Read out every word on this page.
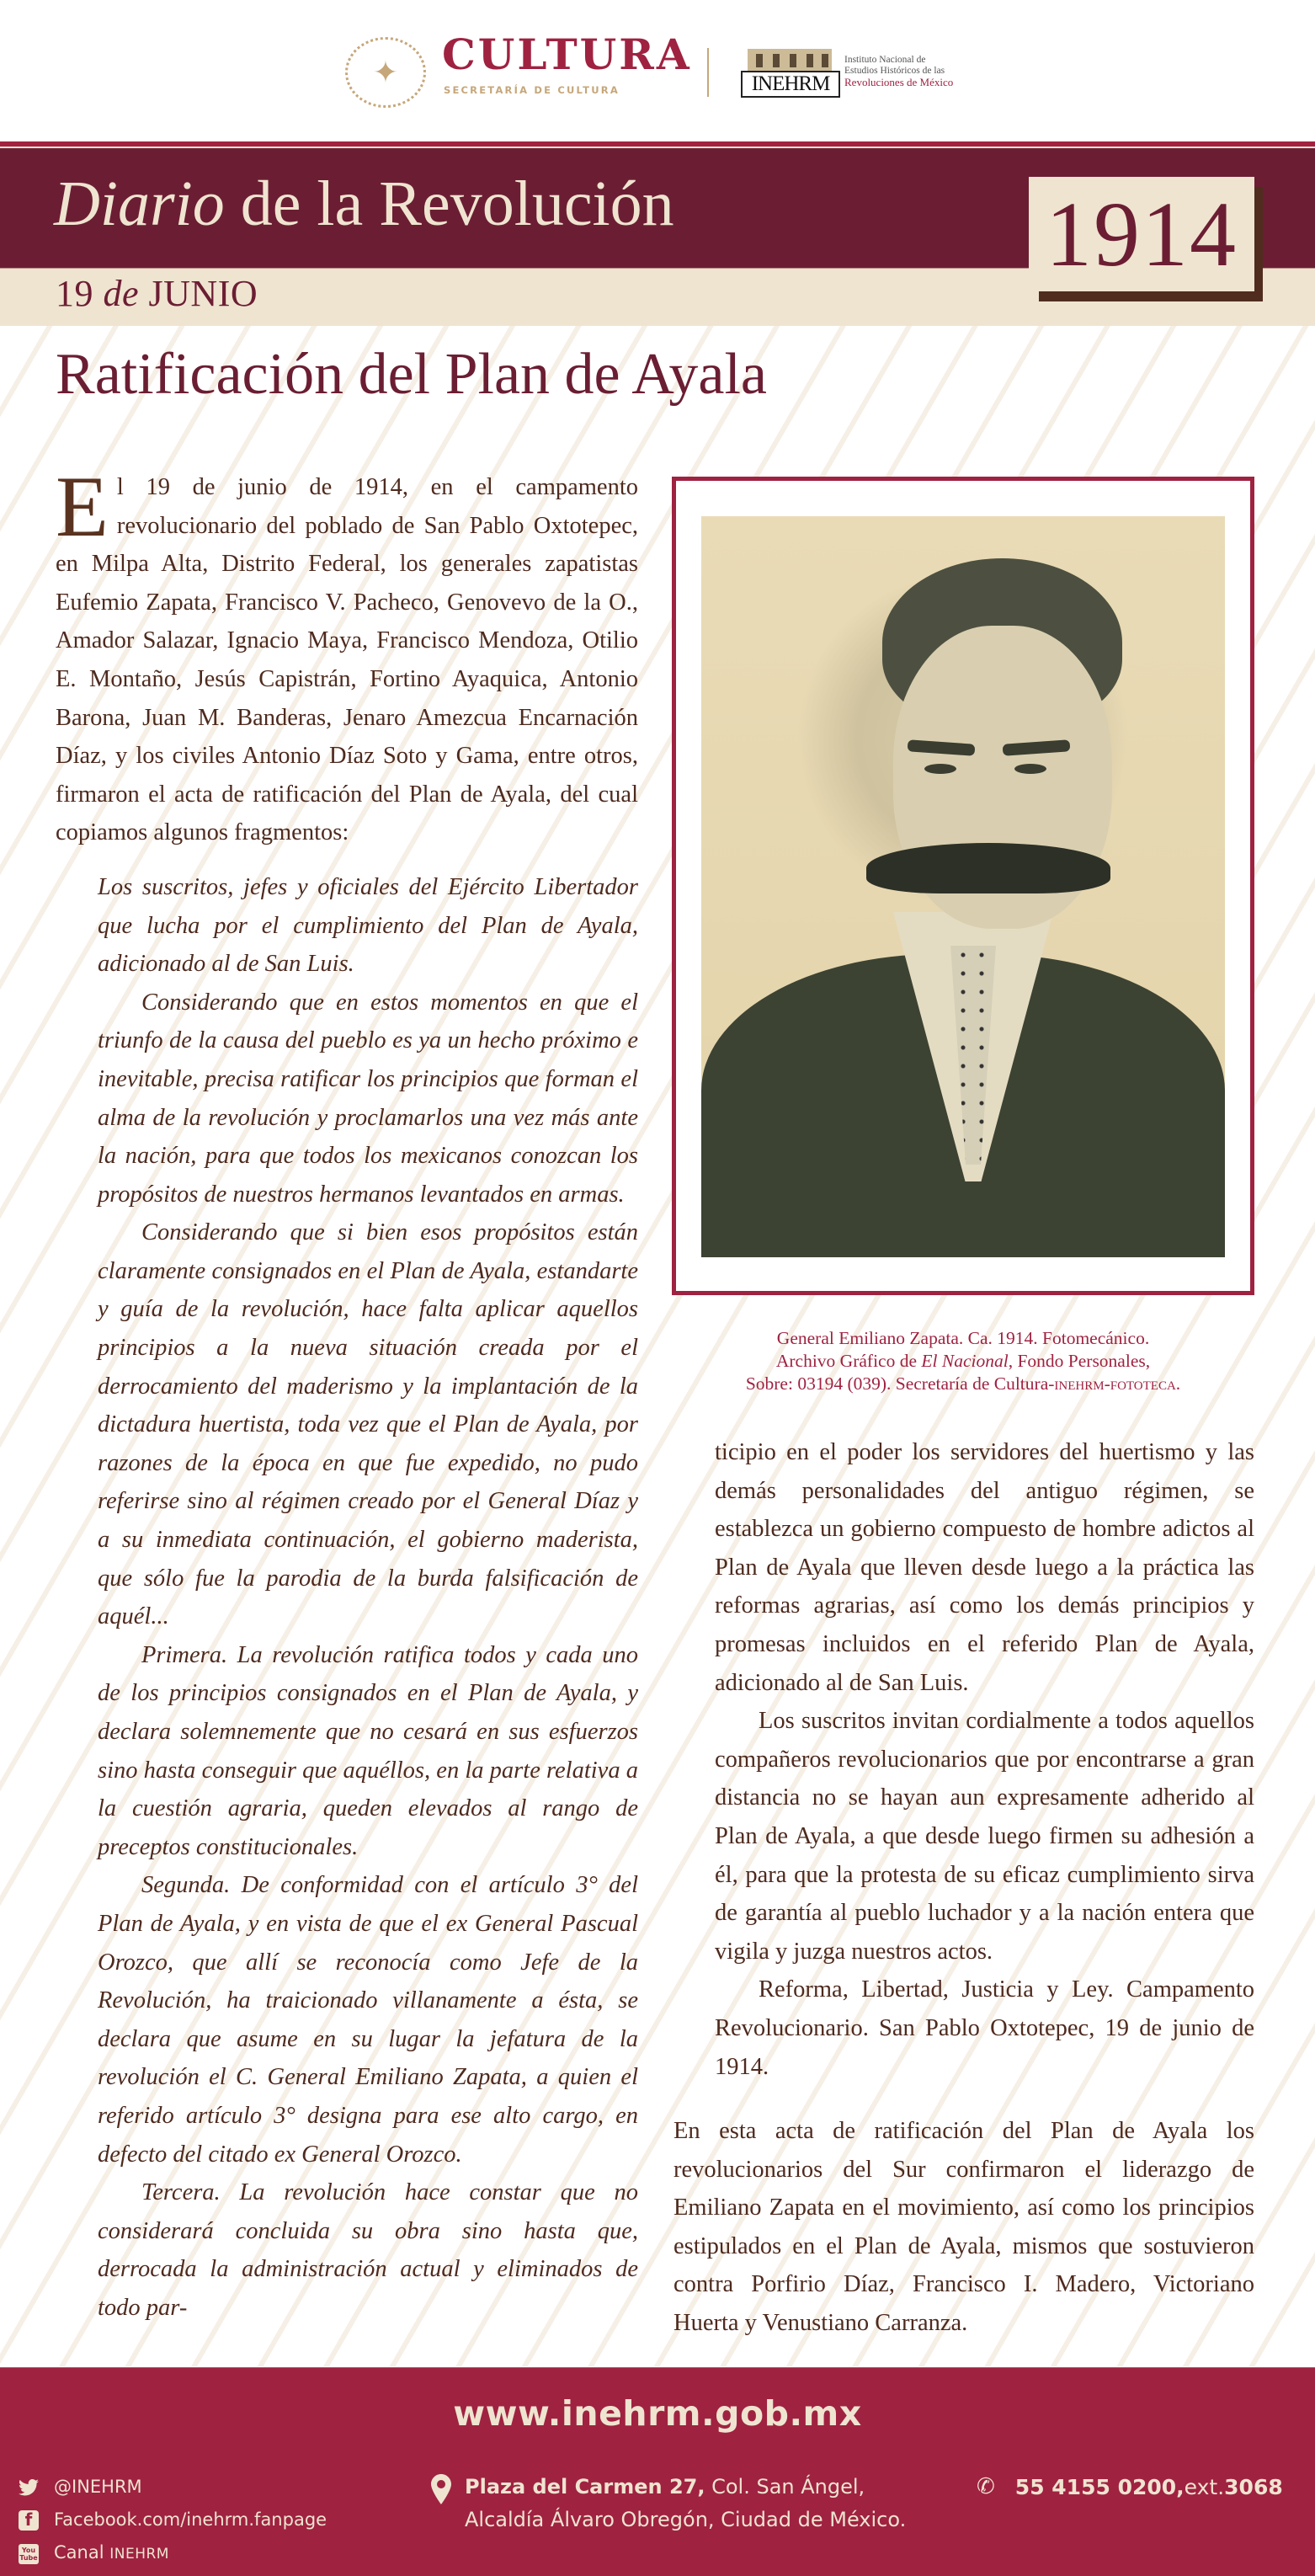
✦	CULTURA
SECRETARÍA DE CULTURA	INEHRM
Instituto Nacional de
Estudios Históricos de las
Revoluciones de México
Diario de la Revolución
19 de JUNIO
1914
Ratificación del Plan de Ayala

El 19 de junio de 1914, en el campamento revolucionario del poblado de San Pablo Oxtotepec, en Milpa Alta, Distrito Federal, los generales zapatistas Eufemio Zapata, Francisco V. Pacheco, Genovevo de la O., Amador Salazar, Ignacio Maya, Francisco Mendoza, Otilio E. Montaño, Jesús Capistrán, Fortino Ayaquica, Antonio Barona, Juan M. Banderas, Jenaro Amezcua Encarnación Díaz, y los civiles Antonio Díaz Soto y Gama, entre otros, firmaron el acta de ratificación del Plan de Ayala, del cual copiamos algunos fragmentos:

Los suscritos, jefes y oficiales del Ejército Libertador que lucha por el cumplimiento del Plan de Ayala, adicionado al de San Luis.

Considerando que en estos momentos en que el triunfo de la causa del pueblo es ya un hecho próximo e inevitable, precisa ratificar los principios que forman el alma de la revolución y proclamarlos una vez más ante la nación, para que todos los mexicanos conozcan los propósitos de nuestros hermanos levantados en armas.

Considerando que si bien esos propósitos están claramente consignados en el Plan de Ayala, estandarte y guía de la revolución, hace falta aplicar aquellos principios a la nueva situación creada por el derrocamiento del maderismo y la implantación de la dictadura huertista, toda vez que el Plan de Ayala, por razones de la época en que fue expedido, no pudo referirse sino al régimen creado por el General Díaz y a su inmediata continuación, el gobierno maderista, que sólo fue la parodia de la burda falsificación de aquél...

Primera. La revolución ratifica todos y cada uno de los principios consignados en el Plan de Ayala, y declara solemnemente que no cesará en sus esfuerzos sino hasta conseguir que aquéllos, en la parte relativa a la cuestión agraria, queden elevados al rango de preceptos constitucionales.

Segunda. De conformidad con el artículo 3° del Plan de Ayala, y en vista de que el ex General Pascual Orozco, que allí se reconocía como Jefe de la Revolución, ha traicionado villanamente a ésta, se declara que asume en su lugar la jefatura de la revolución el C. General Emiliano Zapata, a quien el referido artículo 3° designa para ese alto cargo, en defecto del citado ex General Orozco.

Tercera. La revolución hace constar que no considerará concluida su obra sino hasta que, derrocada la administración actual y eliminados de todo par-

General Emiliano Zapata. Ca. 1914. Fotomecánico.
Archivo Gráfico de El Nacional, Fondo Personales,
Sobre: 03194 (039). Secretaría de Cultura-inehrm-fototeca.

ticipio en el poder los servidores del huertismo y las demás personalidades del antiguo régimen, se establezca un gobierno compuesto de hombre adictos al Plan de Ayala que lleven desde luego a la práctica las reformas agrarias, así como los demás principios y promesas incluidos en el referido Plan de Ayala, adicionado al de San Luis.

Los suscritos invitan cordialmente a todos aquellos compañeros revolucionarios que por encontrarse a gran distancia no se hayan aun expresamente adherido al Plan de Ayala, a que desde luego firmen su adhesión a él, para que la protesta de su eficaz cumplimiento sirva de garantía al pueblo luchador y a la nación entera que vigila y juzga nuestros actos.

Reforma, Libertad, Justicia y Ley. Campamento Revolucionario. San Pablo Oxtotepec, 19 de junio de 1914.

En esta acta de ratificación del Plan de Ayala los revolucionarios del Sur confirmaron el liderazgo de Emiliano Zapata en el movimiento, así como los principios estipulados en el Plan de Ayala, mismos que sostuvieron contra Porfirio Díaz, Francisco I. Madero, Victoriano Huerta y Venustiano Carranza.

www.inehrm.gob.mx
@INEHRM
f	Facebook.com/inehrm.fanpage
You
Tube Canal INEHRM
Plaza del Carmen 27, Col. San Ángel,
Alcaldía Álvaro Obregón, Ciudad de México.
✆ 55 4155 0200, ext. 3068
